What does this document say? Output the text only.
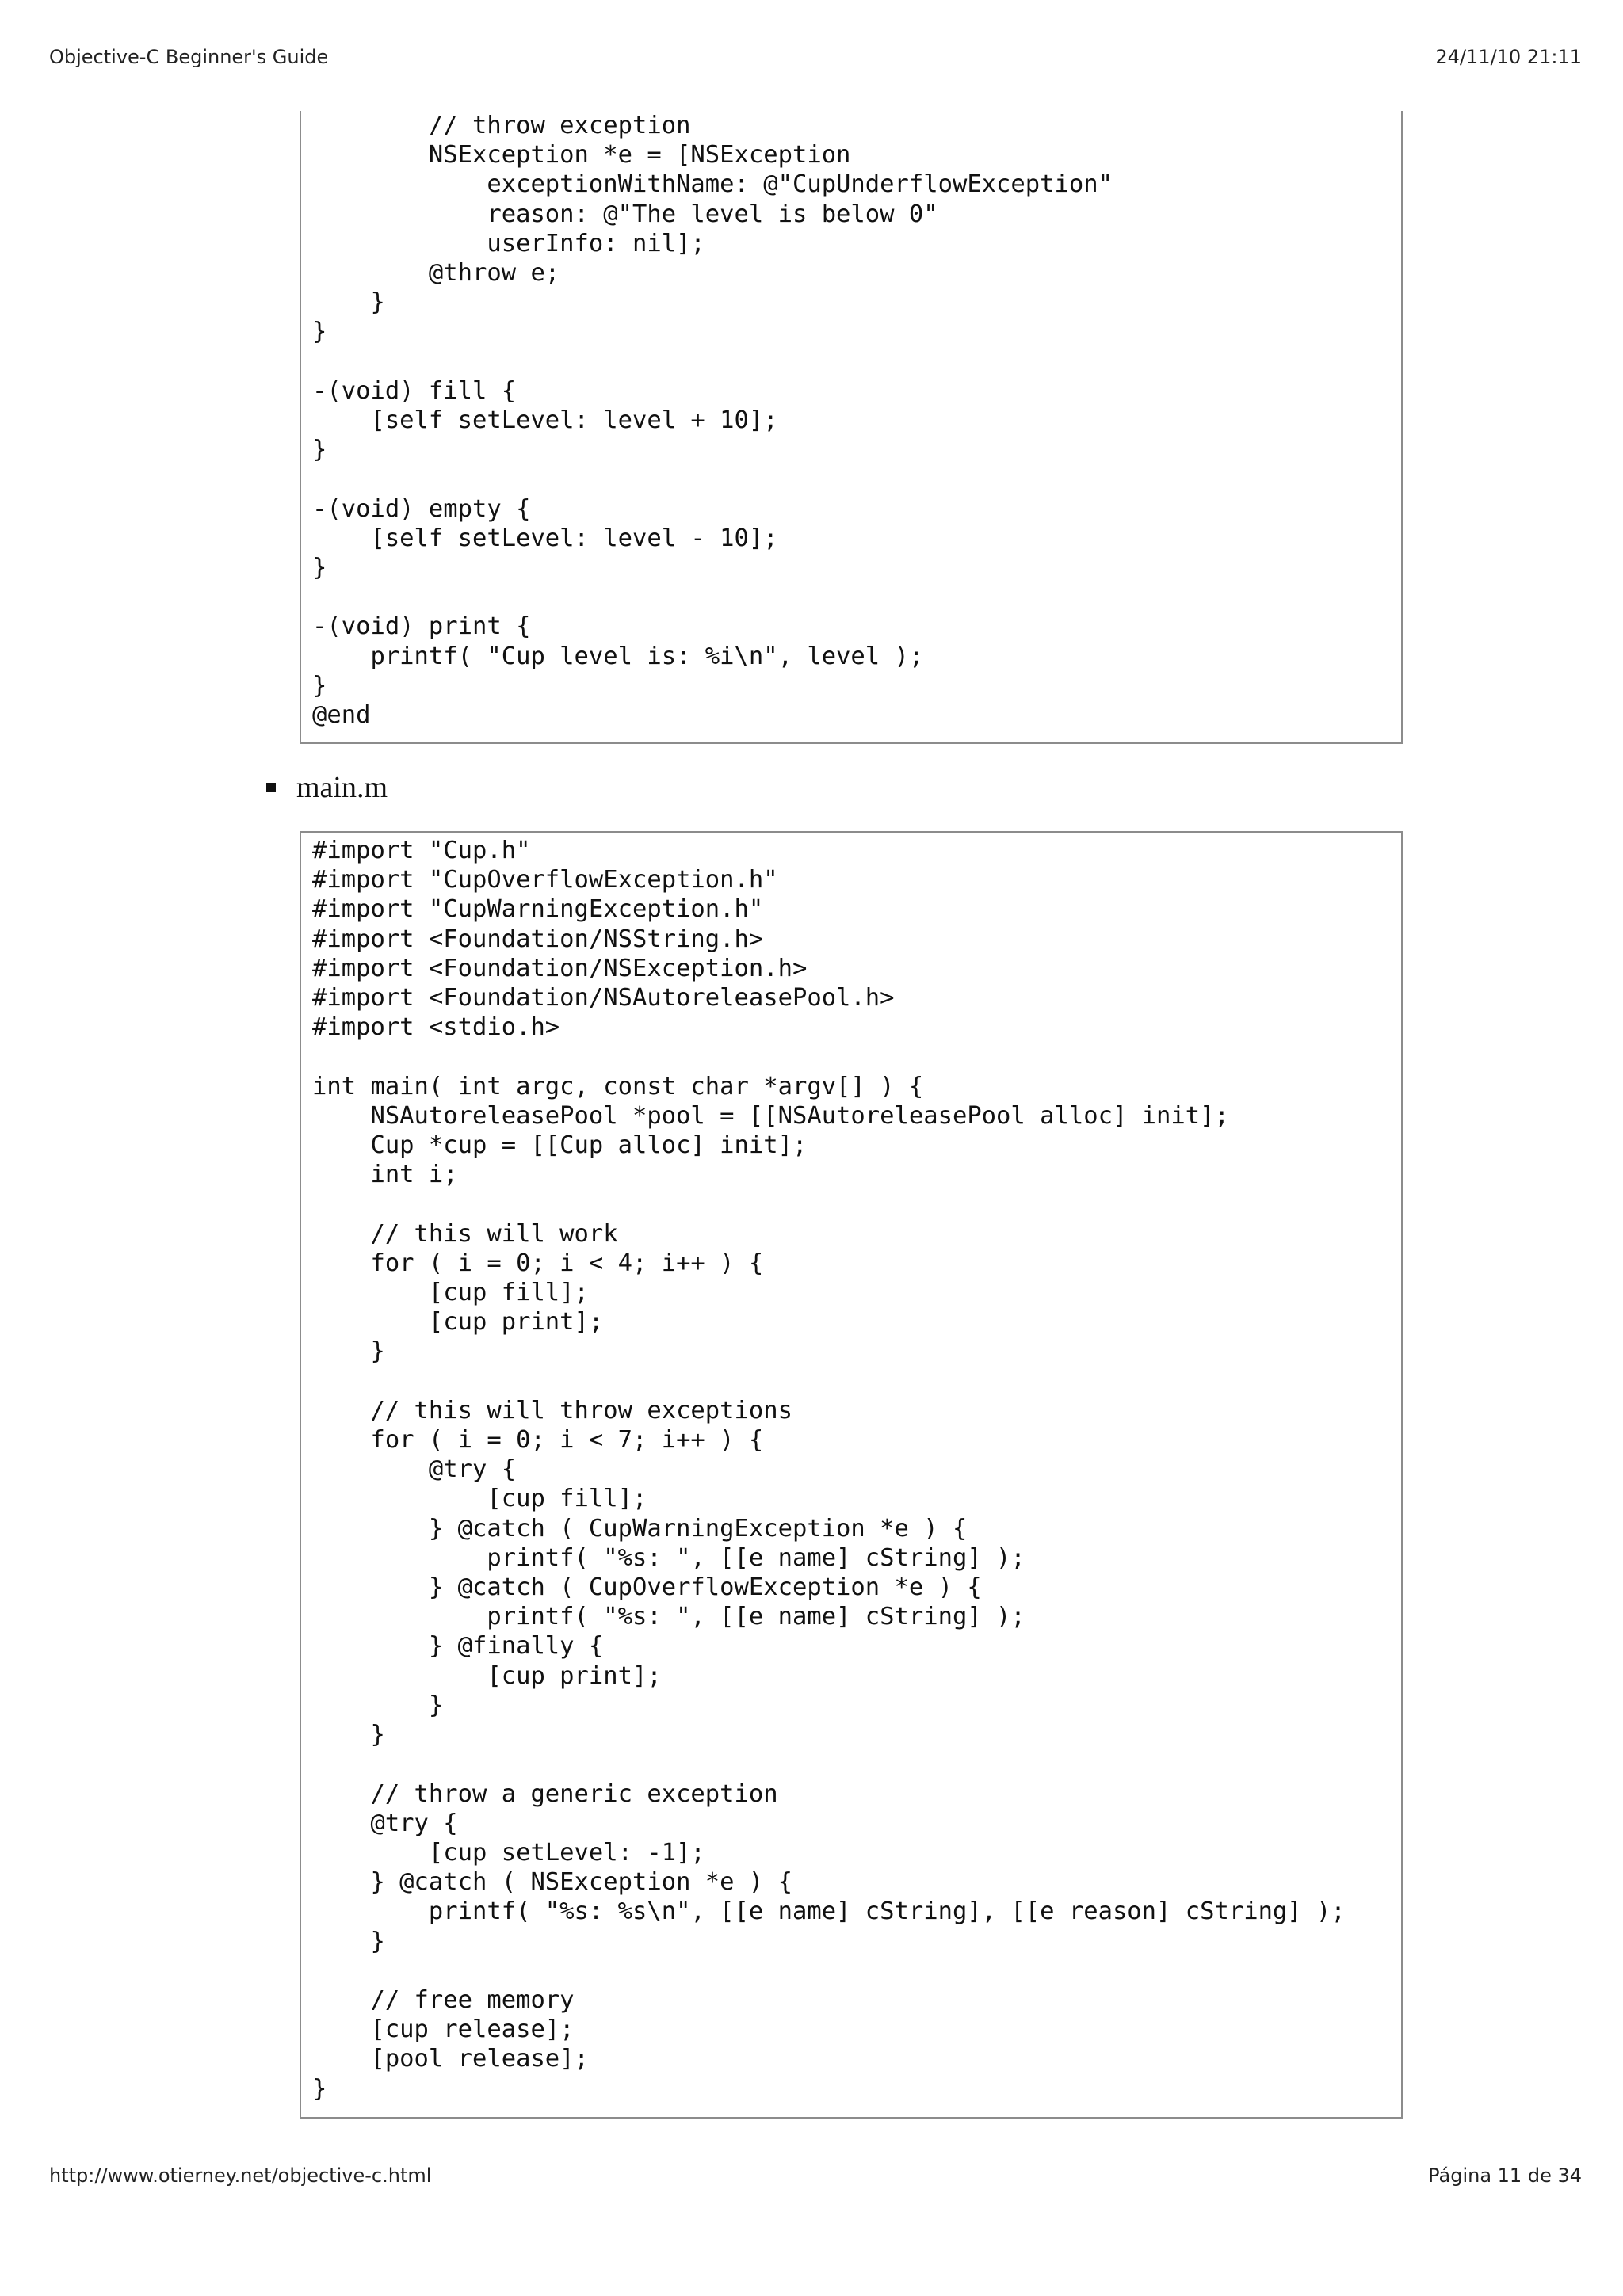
Objective-C Beginner's Guide	24/11/10 21:11
// throw exception
NSException *e = [NSException
exceptionWithName: @"CupUnderflowException"
reason: @"The level is below 0"
userInfo: nil];
@throw e;
}
}

-(void) fill {
[self setLevel: level + 10];
}

-(void) empty {
[self setLevel: level - 10];
}

-(void) print {
printf( "Cup level is: %i\n", level );
}
@end
main.m
#import "Cup.h"
#import "CupOverflowException.h"
#import "CupWarningException.h"
#import <Foundation/NSString.h>
#import <Foundation/NSException.h>
#import <Foundation/NSAutoreleasePool.h>
#import <stdio.h>

int main( int argc, const char *argv[] ) {
NSAutoreleasePool *pool = [[NSAutoreleasePool alloc] init];
Cup *cup = [[Cup alloc] init];
int i;

// this will work
for ( i = 0; i < 4; i++ ) {
[cup fill];
[cup print];
}

// this will throw exceptions
for ( i = 0; i < 7; i++ ) {
@try {
[cup fill];
} @catch ( CupWarningException *e ) {
printf( "%s: ", [[e name] cString] );
} @catch ( CupOverflowException *e ) {
printf( "%s: ", [[e name] cString] );
} @finally {
[cup print];
}
}

// throw a generic exception
@try {
[cup setLevel: -1];
} @catch ( NSException *e ) {
printf( "%s: %s\n", [[e name] cString], [[e reason] cString] );
}

// free memory
[cup release];
[pool release];
}
http://www.otierney.net/objective-c.html	Página 11 de 34
